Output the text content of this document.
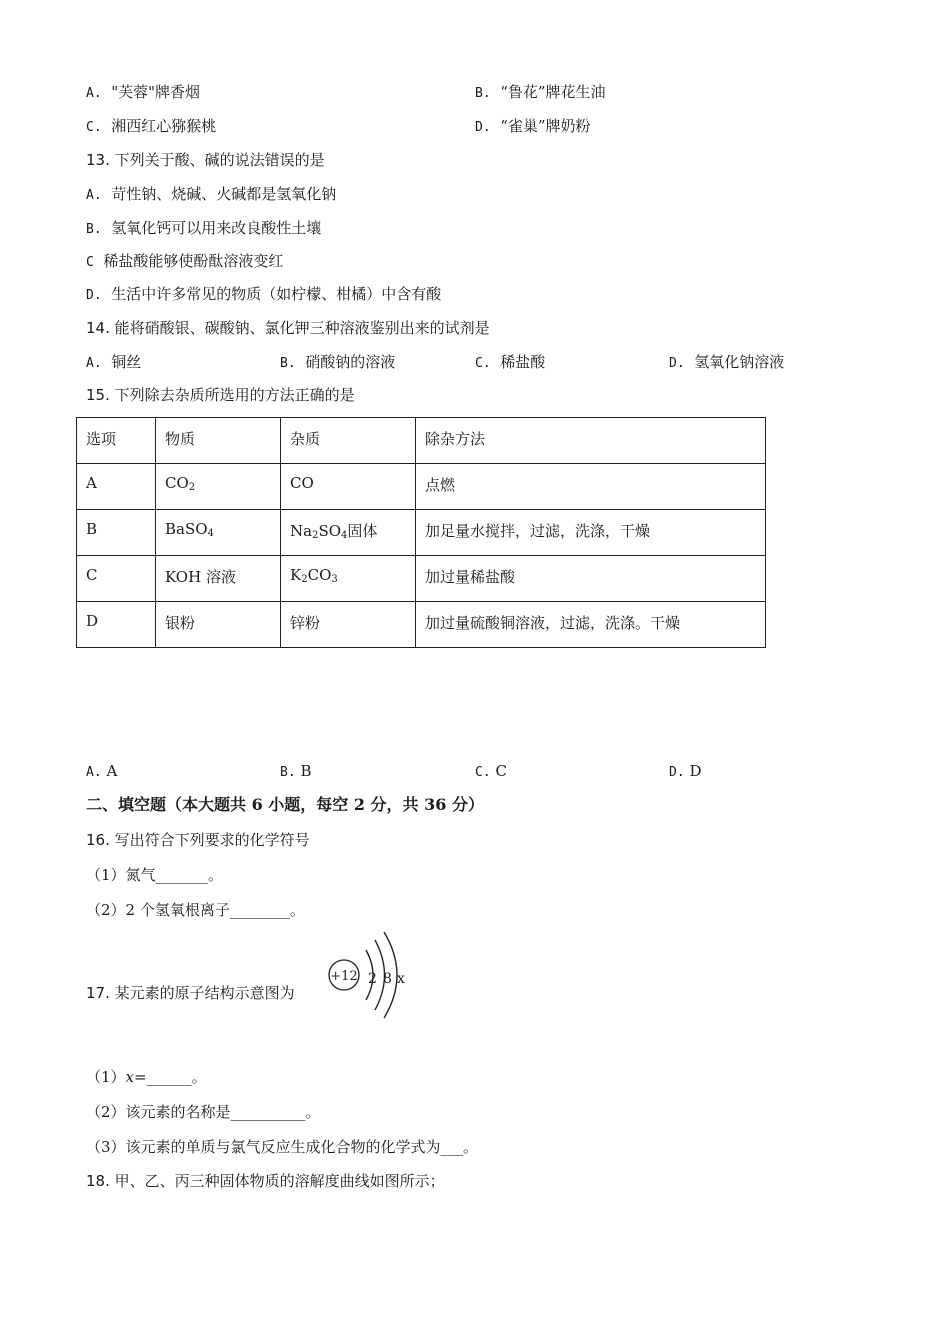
A. "芙蓉"牌香烟	B. “鲁花”牌花生油
C. 湘西红心猕猴桃	D. “雀巢”牌奶粉
13. 下列关于酸、碱的说法错误的是
A. 苛性钠、烧碱、火碱都是氢氧化钠
B. 氢氧化钙可以用来改良酸性土壤
C 稀盐酸能够使酚酞溶液变红
D. 生活中许多常见的物质（如柠檬、柑橘）中含有酸
14. 能将硝酸银、碳酸钠、氯化钾三种溶液鉴别出来的试剂是
A. 铜丝	B. 硝酸钠的溶液	C. 稀盐酸	D. 氢氧化钠溶液
15. 下列除去杂质所选用的方法正确的是
选项	物质	杂质	除杂方法
A	$CO_2$	CO	点燃
B	BaSO$_4$	$Na_2SO_4$固体	加足量水搅拌，过滤，洗涤，干燥
C	KOH 溶液	$K_2CO_3$	加过量稀盐酸
D	银粉	锌粉	加过量硫酸铜溶液，过滤，洗涤。干燥
A. A	B. B	C. C	D. D
二、填空题（本大题共 6 小题，每空 2 分，共 36 分）
16. 写出符合下列要求的化学符号
（1）氮气_______。
（2）2 个氢氧根离子________。
17. 某元素的原子结构示意图为
+12 2 8 x
（1）x=______。
（2）该元素的名称是__________。
（3）该元素的单质与氯气反应生成化合物的化学式为___。
18. 甲、乙、丙三种固体物质的溶解度曲线如图所示；
